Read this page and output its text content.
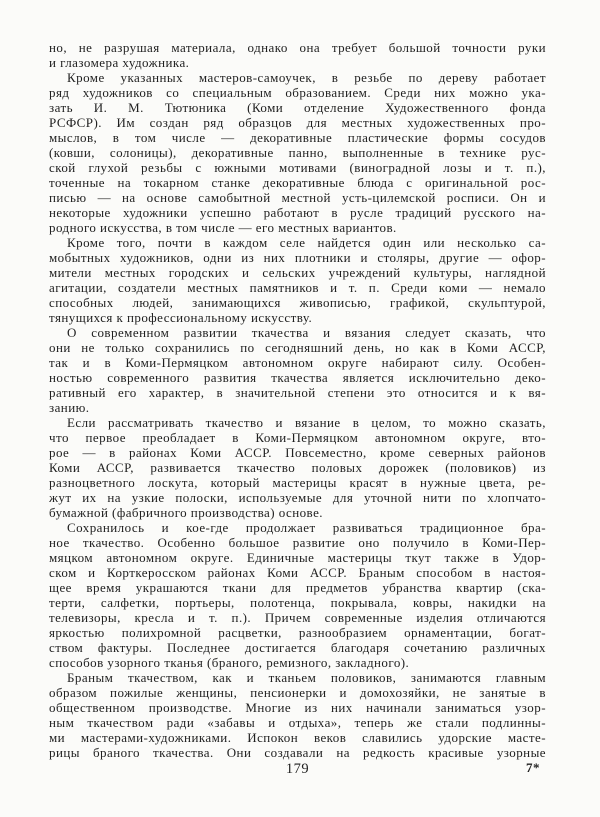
но, не разрушая материала, однако она требует большой точности руки
и глазомера художника.
Кроме указанных мастеров-самоучек, в резьбе по дереву работает
ряд художников со специальным образованием. Среди них можно ука-
зать И. М. Тютюника (Коми отделение Художественного фонда
РСФСР). Им создан ряд образцов для местных художественных про-
мыслов, в том числе — декоративные пластические формы сосудов
(ковши, солоницы), декоративные панно, выполненные в технике рус-
ской глухой резьбы с южными мотивами (виноградной лозы и т. п.),
точенные на токарном станке декоративные блюда с оригинальной рос-
писью — на основе самобытной местной усть-цилемской росписи. Он и
некоторые художники успешно работают в русле традиций русского на-
родного искусства, в том числе — его местных вариантов.
Кроме того, почти в каждом селе найдется один или несколько са-
мобытных художников, одни из них плотники и столяры, другие — офор-
мители местных городских и сельских учреждений культуры, наглядной
агитации, создатели местных памятников и т. п. Среди коми — немало
способных людей, занимающихся живописью, графикой, скульптурой,
тянущихся к профессиональному искусству.
О современном развитии ткачества и вязания следует сказать, что
они не только сохранились по сегодняшний день, но как в Коми АССР,
так и в Коми-Пермяцком автономном округе набирают силу. Особен-
ностью современного развития ткачества является исключительно деко-
ративный его характер, в значительной степени это относится и к вя-
занию.
Если рассматривать ткачество и вязание в целом, то можно сказать,
что первое преобладает в Коми-Пермяцком автономном округе, вто-
рое — в районах Коми АССР. Повсеместно, кроме северных районов
Коми АССР, развивается ткачество половых дорожек (половиков) из
разноцветного лоскута, который мастерицы красят в нужные цвета, ре-
жут их на узкие полоски, используемые для уточной нити по хлопчато-
бумажной (фабричного производства) основе.
Сохранилось и кое-где продолжает развиваться традиционное бра-
ное ткачество. Особенно большое развитие оно получило в Коми-Пер-
мяцком автономном округе. Единичные мастерицы ткут также в Удор-
ском и Корткеросском районах Коми АССР. Браным способом в настоя-
щее время украшаются ткани для предметов убранства квартир (ска-
терти, салфетки, портьеры, полотенца, покрывала, ковры, накидки на
телевизоры, кресла и т. п.). Причем современные изделия отличаются
яркостью полихромной расцветки, разнообразием орнаментации, богат-
ством фактуры. Последнее достигается благодаря сочетанию различных
способов узорного тканья (браного, ремизного, закладного).
Браным ткачеством, как и тканьем половиков, занимаются главным
образом пожилые женщины, пенсионерки и домохозяйки, не занятые в
общественном производстве. Многие из них начинали заниматься узор-
ным ткачеством ради «забавы и отдыха», теперь же стали подлинны-
ми мастерами-художниками. Испокон веков славились удорские масте-
рицы браного ткачества. Они создавали на редкость красивые узорные
179	7*
